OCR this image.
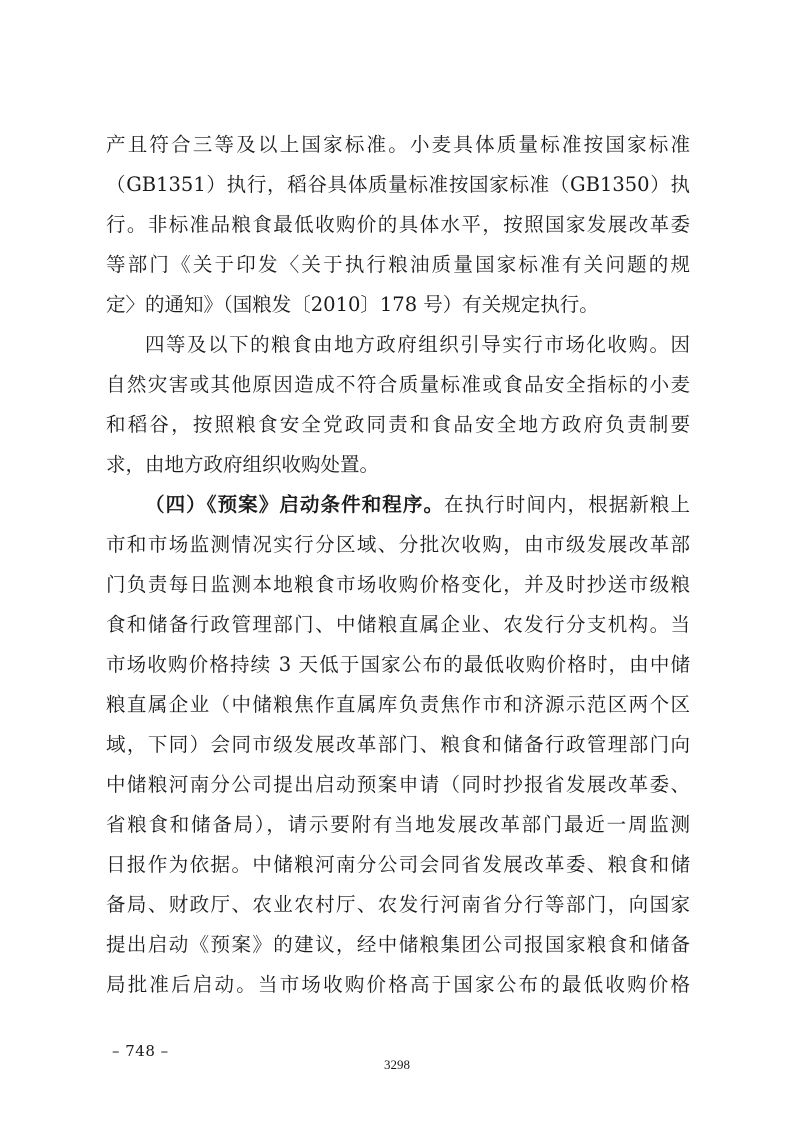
产且符合三等及以上国家标准。小麦具体质量标准按国家标准
（GB1351）执行，稻谷具体质量标准按国家标准（GB1350）执
行。非标准品粮食最低收购价的具体水平，按照国家发展改革委
等部门《关于印发〈关于执行粮油质量国家标准有关问题的规
定〉的通知》（国粮发〔2010〕178 号）有关规定执行。
四等及以下的粮食由地方政府组织引导实行市场化收购。因
自然灾害或其他原因造成不符合质量标准或食品安全指标的小麦
和稻谷，按照粮食安全党政同责和食品安全地方政府负责制要
求，由地方政府组织收购处置。
（四）《预案》启动条件和程序。在执行时间内，根据新粮上
市和市场监测情况实行分区域、分批次收购，由市级发展改革部
门负责每日监测本地粮食市场收购价格变化，并及时抄送市级粮
食和储备行政管理部门、中储粮直属企业、农发行分支机构。当
市场收购价格持续 3 天低于国家公布的最低收购价格时，由中储
粮直属企业（中储粮焦作直属库负责焦作市和济源示范区两个区
域，下同）会同市级发展改革部门、粮食和储备行政管理部门向
中储粮河南分公司提出启动预案申请（同时抄报省发展改革委、
省粮食和储备局），请示要附有当地发展改革部门最近一周监测
日报作为依据。中储粮河南分公司会同省发展改革委、粮食和储
备局、财政厅、农业农村厅、农发行河南省分行等部门，向国家
提出启动《预案》的建议，经中储粮集团公司报国家粮食和储备
局批准后启动。当市场收购价格高于国家公布的最低收购价格
– 748 –
3298
